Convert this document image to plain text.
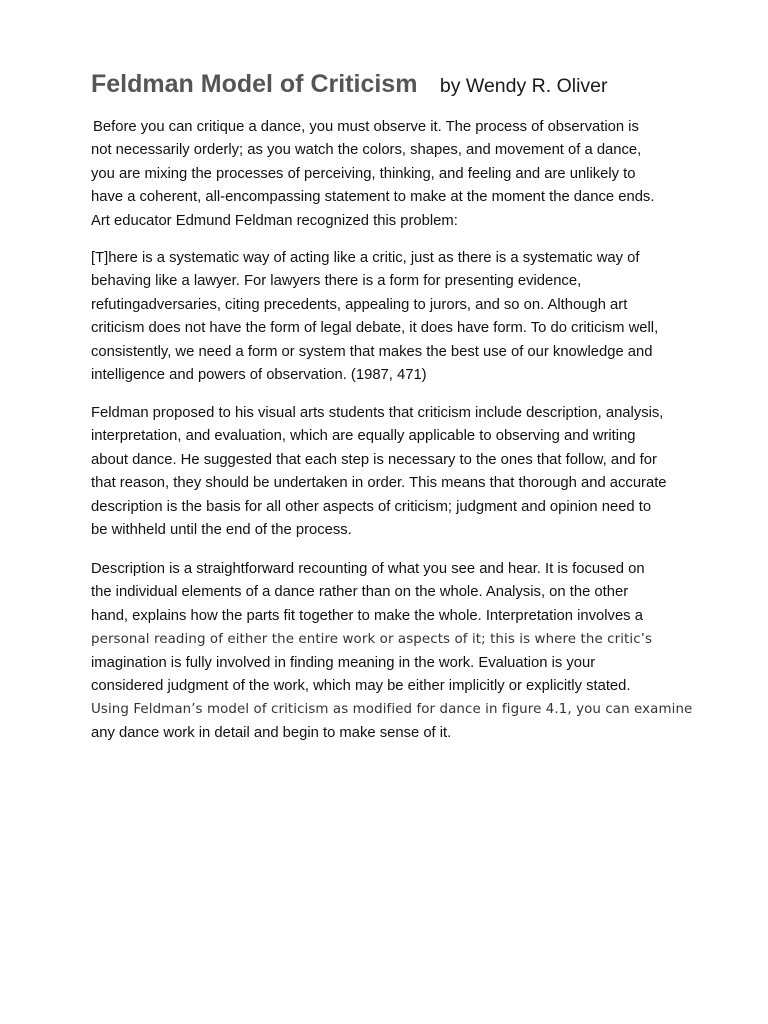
Feldman Model of Criticism by Wendy R. Oliver

Before you can critique a dance, you must observe it. The process of observation is
not necessarily orderly; as you watch the colors, shapes, and movement of a dance,
you are mixing the processes of perceiving, thinking, and feeling and are unlikely to
have a coherent, all-encompassing statement to make at the moment the dance ends.
Art educator Edmund Feldman recognized this problem:

[T]here is a systematic way of acting like a critic, just as there is a systematic way of
behaving like a lawyer. For lawyers there is a form for presenting evidence,
refutingadversaries, citing precedents, appealing to jurors, and so on. Although art
criticism does not have the form of legal debate, it does have form. To do criticism well,
consistently, we need a form or system that makes the best use of our knowledge and
intelligence and powers of observation. (1987, 471)

Feldman proposed to his visual arts students that criticism include description, analysis,
interpretation, and evaluation, which are equally applicable to observing and writing
about dance. He suggested that each step is necessary to the ones that follow, and for
that reason, they should be undertaken in order. This means that thorough and accurate
description is the basis for all other aspects of criticism; judgment and opinion need to
be withheld until the end of the process.

Description is a straightforward recounting of what you see and hear. It is focused on
the individual elements of a dance rather than on the whole. Analysis, on the other
hand, explains how the parts fit together to make the whole. Interpretation involves a
personal reading of either the entire work or aspects of it; this is where the critic’s
imagination is fully involved in finding meaning in the work. Evaluation is your
considered judgment of the work, which may be either implicitly or explicitly stated.
Using Feldman’s model of criticism as modified for dance in figure 4.1, you can examine
any dance work in detail and begin to make sense of it.
